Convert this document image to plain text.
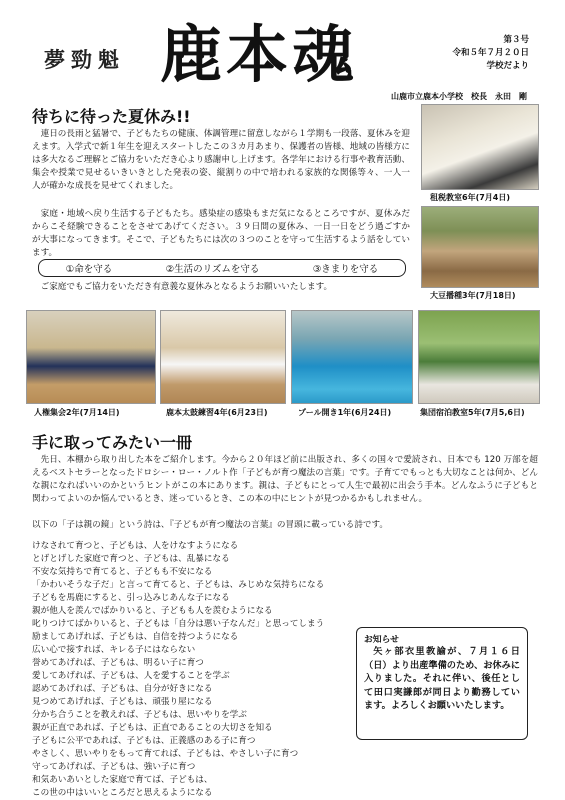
夢勁魁 鹿本魂	第３号
令和５年７月２０日
学校だより
山鹿市立鹿本小学校　校長　永田　剛
待ちに待った夏休み!!
連日の長雨と猛暑で、子どもたちの健康、体調管理に留意しながら１学期も一段落、夏休みを迎えます。入学式で新１年生を迎えスタートしたこの３カ月あまり、保護者の皆様、地域の皆様方には多大なるご理解とご協力をいただき心より感謝申し上げます。各学年における行事や教育活動、集会や授業で見せるいきいきとした発表の姿、縦割りの中で培われる家族的な関係等々、一人一人が確かな成長を見せてくれました。
家庭・地域へ戻り生活する子どもたち。感染症の感染もまだ気になるところですが、夏休みだからこそ経験できることをさせてあげてください。３９日間の夏休み、一日一日をどう過ごすかが大事になってきます。そこで、子どもたちには次の３つのことを守って生活するよう話をしています。
①命を守る	②生活のリズムを守る	③きまりを守る
ご家庭でもご協力をいただき有意義な夏休みとなるようお願いいたします。
租税教室6年(7月4日)
大豆播種3年(7月18日)
人権集会2年(7月14日)	鹿本太鼓練習4年(6月23日)	プール開き1年(6月24日)	集団宿泊教室5年(7月5,6日)
手に取ってみたい一冊
先日、本棚から取り出した本をご紹介します。今から２０年ほど前に出版され、多くの国々で愛読され、日本でも 120 万部を超えるベストセラーとなったドロシー・ロー・ノルト作「子どもが育つ魔法の言葉」です。子育てでもっとも大切なことは何か、どんな親になればいいのかというヒントがこの本にあります。親は、子どもにとって人生で最初に出会う手本。どんなふうに子どもと関わってよいのか悩んでいるとき、迷っているとき、この本の中にヒントが見つかるかもしれません。
以下の「子は親の鏡」という詩は、『子どもが育つ魔法の言葉』の冒頭に載っている詩です。
けなされて育つと、子どもは、人をけなすようになる
とげとげした家庭で育つと、子どもは、乱暴になる
不安な気持ちで育てると、子どもも不安になる
「かわいそうな子だ」と言って育てると、子どもは、みじめな気持ちになる
子どもを馬鹿にすると、引っ込みじあんな子になる
親が他人を羨んでばかりいると、子どもも人を羨むようになる
叱りつけてばかりいると、子どもは「自分は悪い子なんだ」と思ってしまう
励ましてあげれば、子どもは、自信を持つようになる
広い心で接すれば、キレる子にはならない
誉めてあげれば、子どもは、明るい子に育つ
愛してあげれば、子どもは、人を愛することを学ぶ
認めてあげれば、子どもは、自分が好きになる
見つめてあげれば、子どもは、頑張り屋になる
分かち合うことを教えれば、子どもは、思いやりを学ぶ
親が正直であれば、子どもは、正直であることの大切さを知る
子どもに公平であれば、子どもは、正義感のある子に育つ
やさしく、思いやりをもって育てれば、子どもは、やさしい子に育つ
守ってあげれば、子どもは、強い子に育つ
和気あいあいとした家庭で育てば、子どもは、
この世の中はいいところだと思えるようになる
お知らせ
矢ヶ部衣里教諭が、７月１６日（日）より出産準備のため、お休みに入りました。それに伴い、後任として田口実謙郎が同日より勤務しています。よろしくお願いいたします。
